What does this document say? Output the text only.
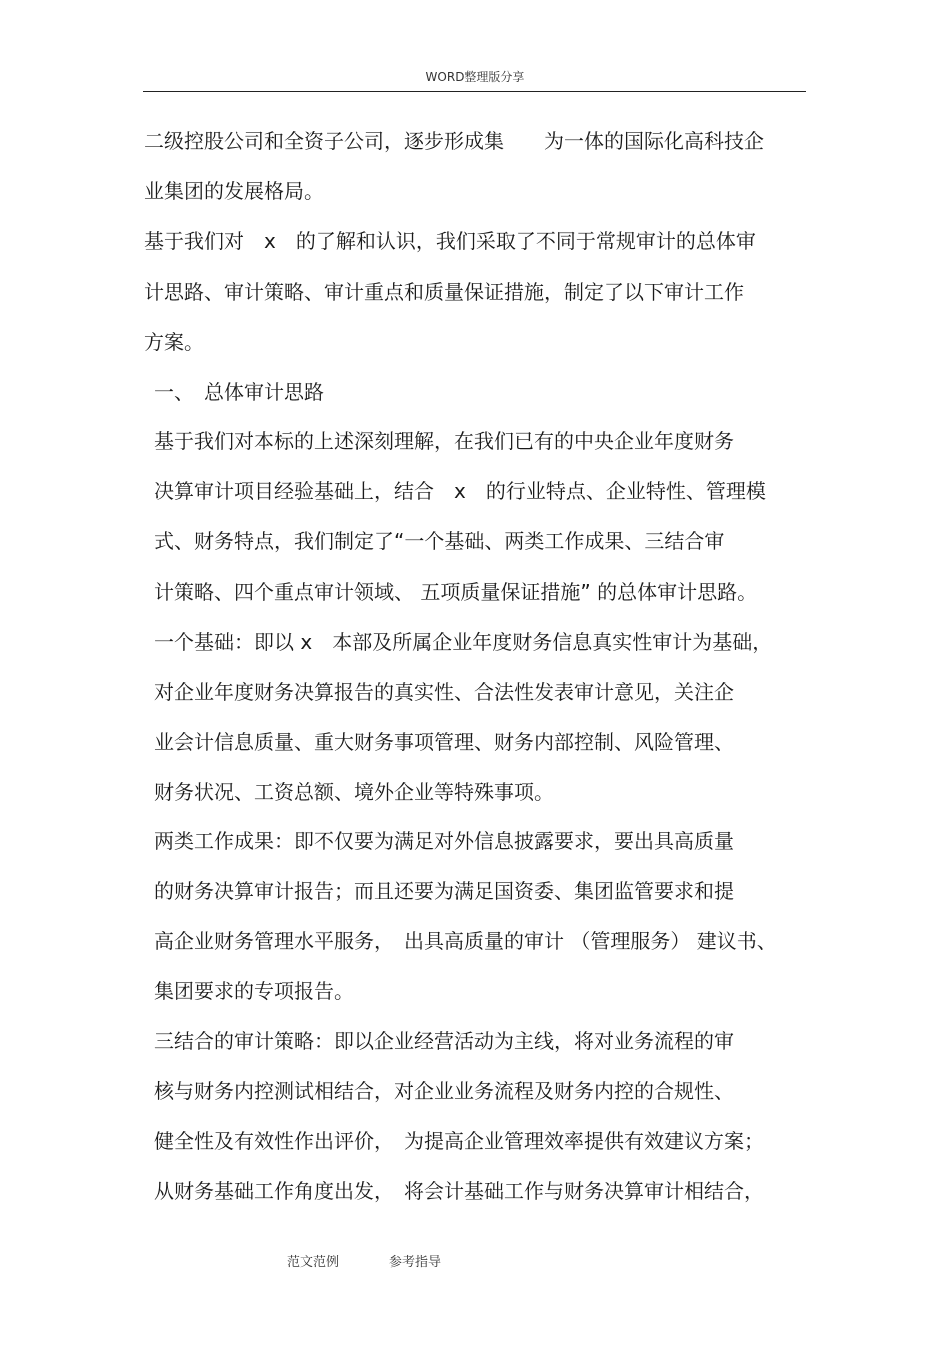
WORD整理版分享
二级控股公司和全资子公司，逐步形成集　　为一体的国际化高科技企
业集团的发展格局。
基于我们对　x　的了解和认识，我们采取了不同于常规审计的总体审
计思路、审计策略、审计重点和质量保证措施，制定了以下审计工作
方案。
一、　总体审计思路
基于我们对本标的上述深刻理解，在我们已有的中央企业年度财务
决算审计项目经验基础上，结合　x　的行业特点、企业特性、管理模
式、财务特点，我们制定了“一个基础、两类工作成果、三结合审
计策略、四个重点审计领域、 五项质量保证措施” 的总体审计思路。
一个基础：即以 x　本部及所属企业年度财务信息真实性审计为基础，
对企业年度财务决算报告的真实性、合法性发表审计意见，关注企
业会计信息质量、重大财务事项管理、财务内部控制、风险管理、
财务状况、工资总额、境外企业等特殊事项。
两类工作成果：即不仅要为满足对外信息披露要求，要出具高质量
的财务决算审计报告；而且还要为满足国资委、集团监管要求和提
高企业财务管理水平服务，　出具高质量的审计 （管理服务） 建议书、
集团要求的专项报告。
三结合的审计策略：即以企业经营活动为主线，将对业务流程的审
核与财务内控测试相结合，对企业业务流程及财务内控的合规性、
健全性及有效性作出评价，　为提高企业管理效率提供有效建议方案；
从财务基础工作角度出发，　将会计基础工作与财务决算审计相结合，
范文范例	参考指导
